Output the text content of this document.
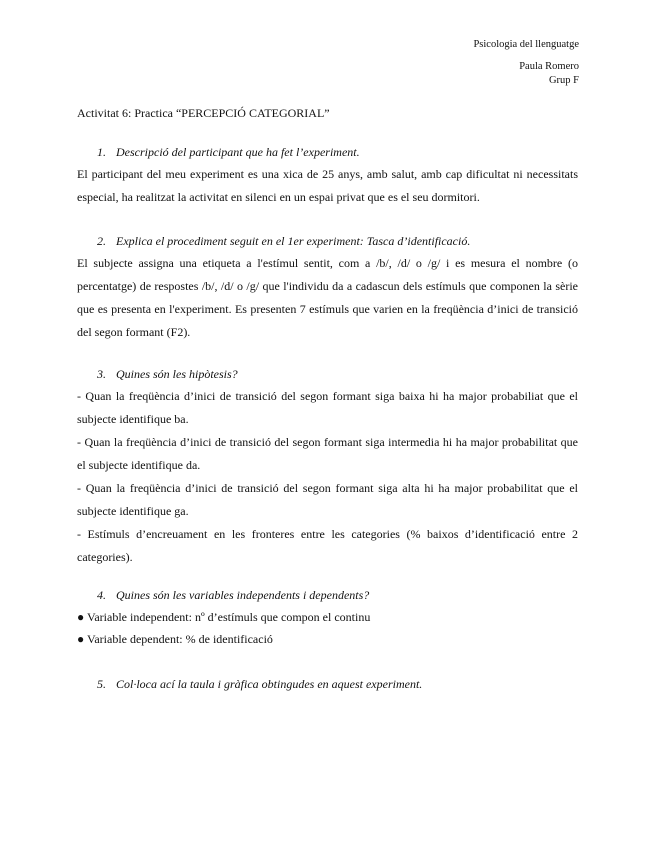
Psicologia del llenguatge
Paula Romero
Grup F
Activitat 6: Practica “PERCEPCIÓ CATEGORIAL”
1. Descripció del participant que ha fet l’experiment.
El participant del meu experiment es una xica de 25 anys, amb salut, amb cap dificultat ni necessitats especial, ha realitzat la activitat en silenci en un espai privat que es el seu dormitori.
2. Explica el procediment seguit en el 1er experiment: Tasca d’identificació.
El subjecte assigna una etiqueta a l'estímul sentit, com a /b/, /d/ o /g/ i es mesura el nombre (o percentatge) de respostes /b/, /d/ o /g/ que l'individu da a cadascun dels estímuls que componen la sèrie que es presenta en l'experiment. Es presenten 7 estímuls que varien en la freqüència d’inici de transició del segon formant (F2).
3. Quines són les hipòtesis?
- Quan la freqüència d’inici de transició del segon formant siga baixa hi ha major probabiliat que el subjecte identifique ba.
- Quan la freqüència d’inici de transició del segon formant siga intermedia hi ha major probabilitat que el subjecte identifique da.
- Quan la freqüència d’inici de transició del segon formant siga alta hi ha major probabilitat que el subjecte identifique ga.
- Estímuls d’encreuament en les fronteres entre les categories (% baixos d’identificació entre 2 categories).
4. Quines són les variables independents i dependents?
● Variable independent: nº d’estímuls que compon el continu
● Variable dependent: % de identificació
5. Col·loca ací la taula i gràfica obtingudes en aquest experiment.
